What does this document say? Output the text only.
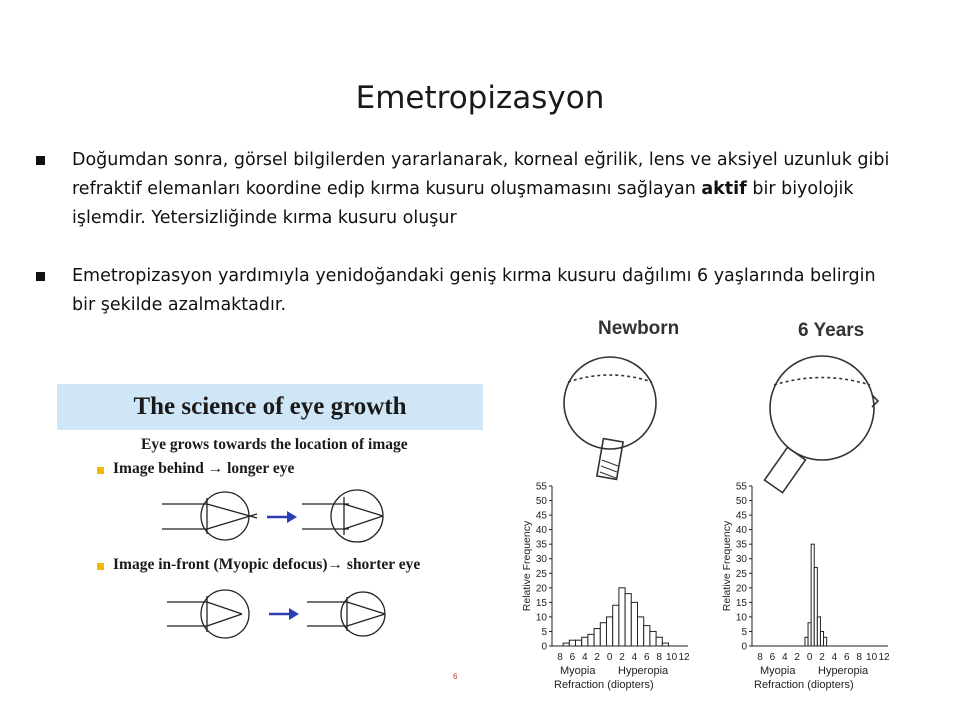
Emetropizasyon
Doğumdan sonra, görsel bilgilerden yararlanarak, korneal eğrilik, lens ve aksiyel uzunluk gibi refraktif elemanları koordine edip kırma kusuru oluşmamasını sağlayan aktif bir biyolojik işlemdir. Yetersizliğinde kırma kusuru oluşur
Emetropizasyon yardımıyla yenidoğandaki geniş kırma kusuru dağılımı 6 yaşlarında belirgin bir şekilde azalmaktadır.
The science of eye growth
Eye grows towards the location of image
Image behind → longer eye
Image in-front (Myopic defocus)→ shorter eye
6
Newborn	6 Years
0
5
10
15
20
25
30
35
40
45
50
55
8 6 4 2 0 2 4 6 8 10 12
Relative Frequency
Myopia Hyperopia
Refraction (diopters)
0
5
10
15
20
25
30
35
40
45
50
55
8 6 4 2 0 2 4 6 8 10 12
Relative Frequency
Myopia Hyperopia
Refraction (diopters)
